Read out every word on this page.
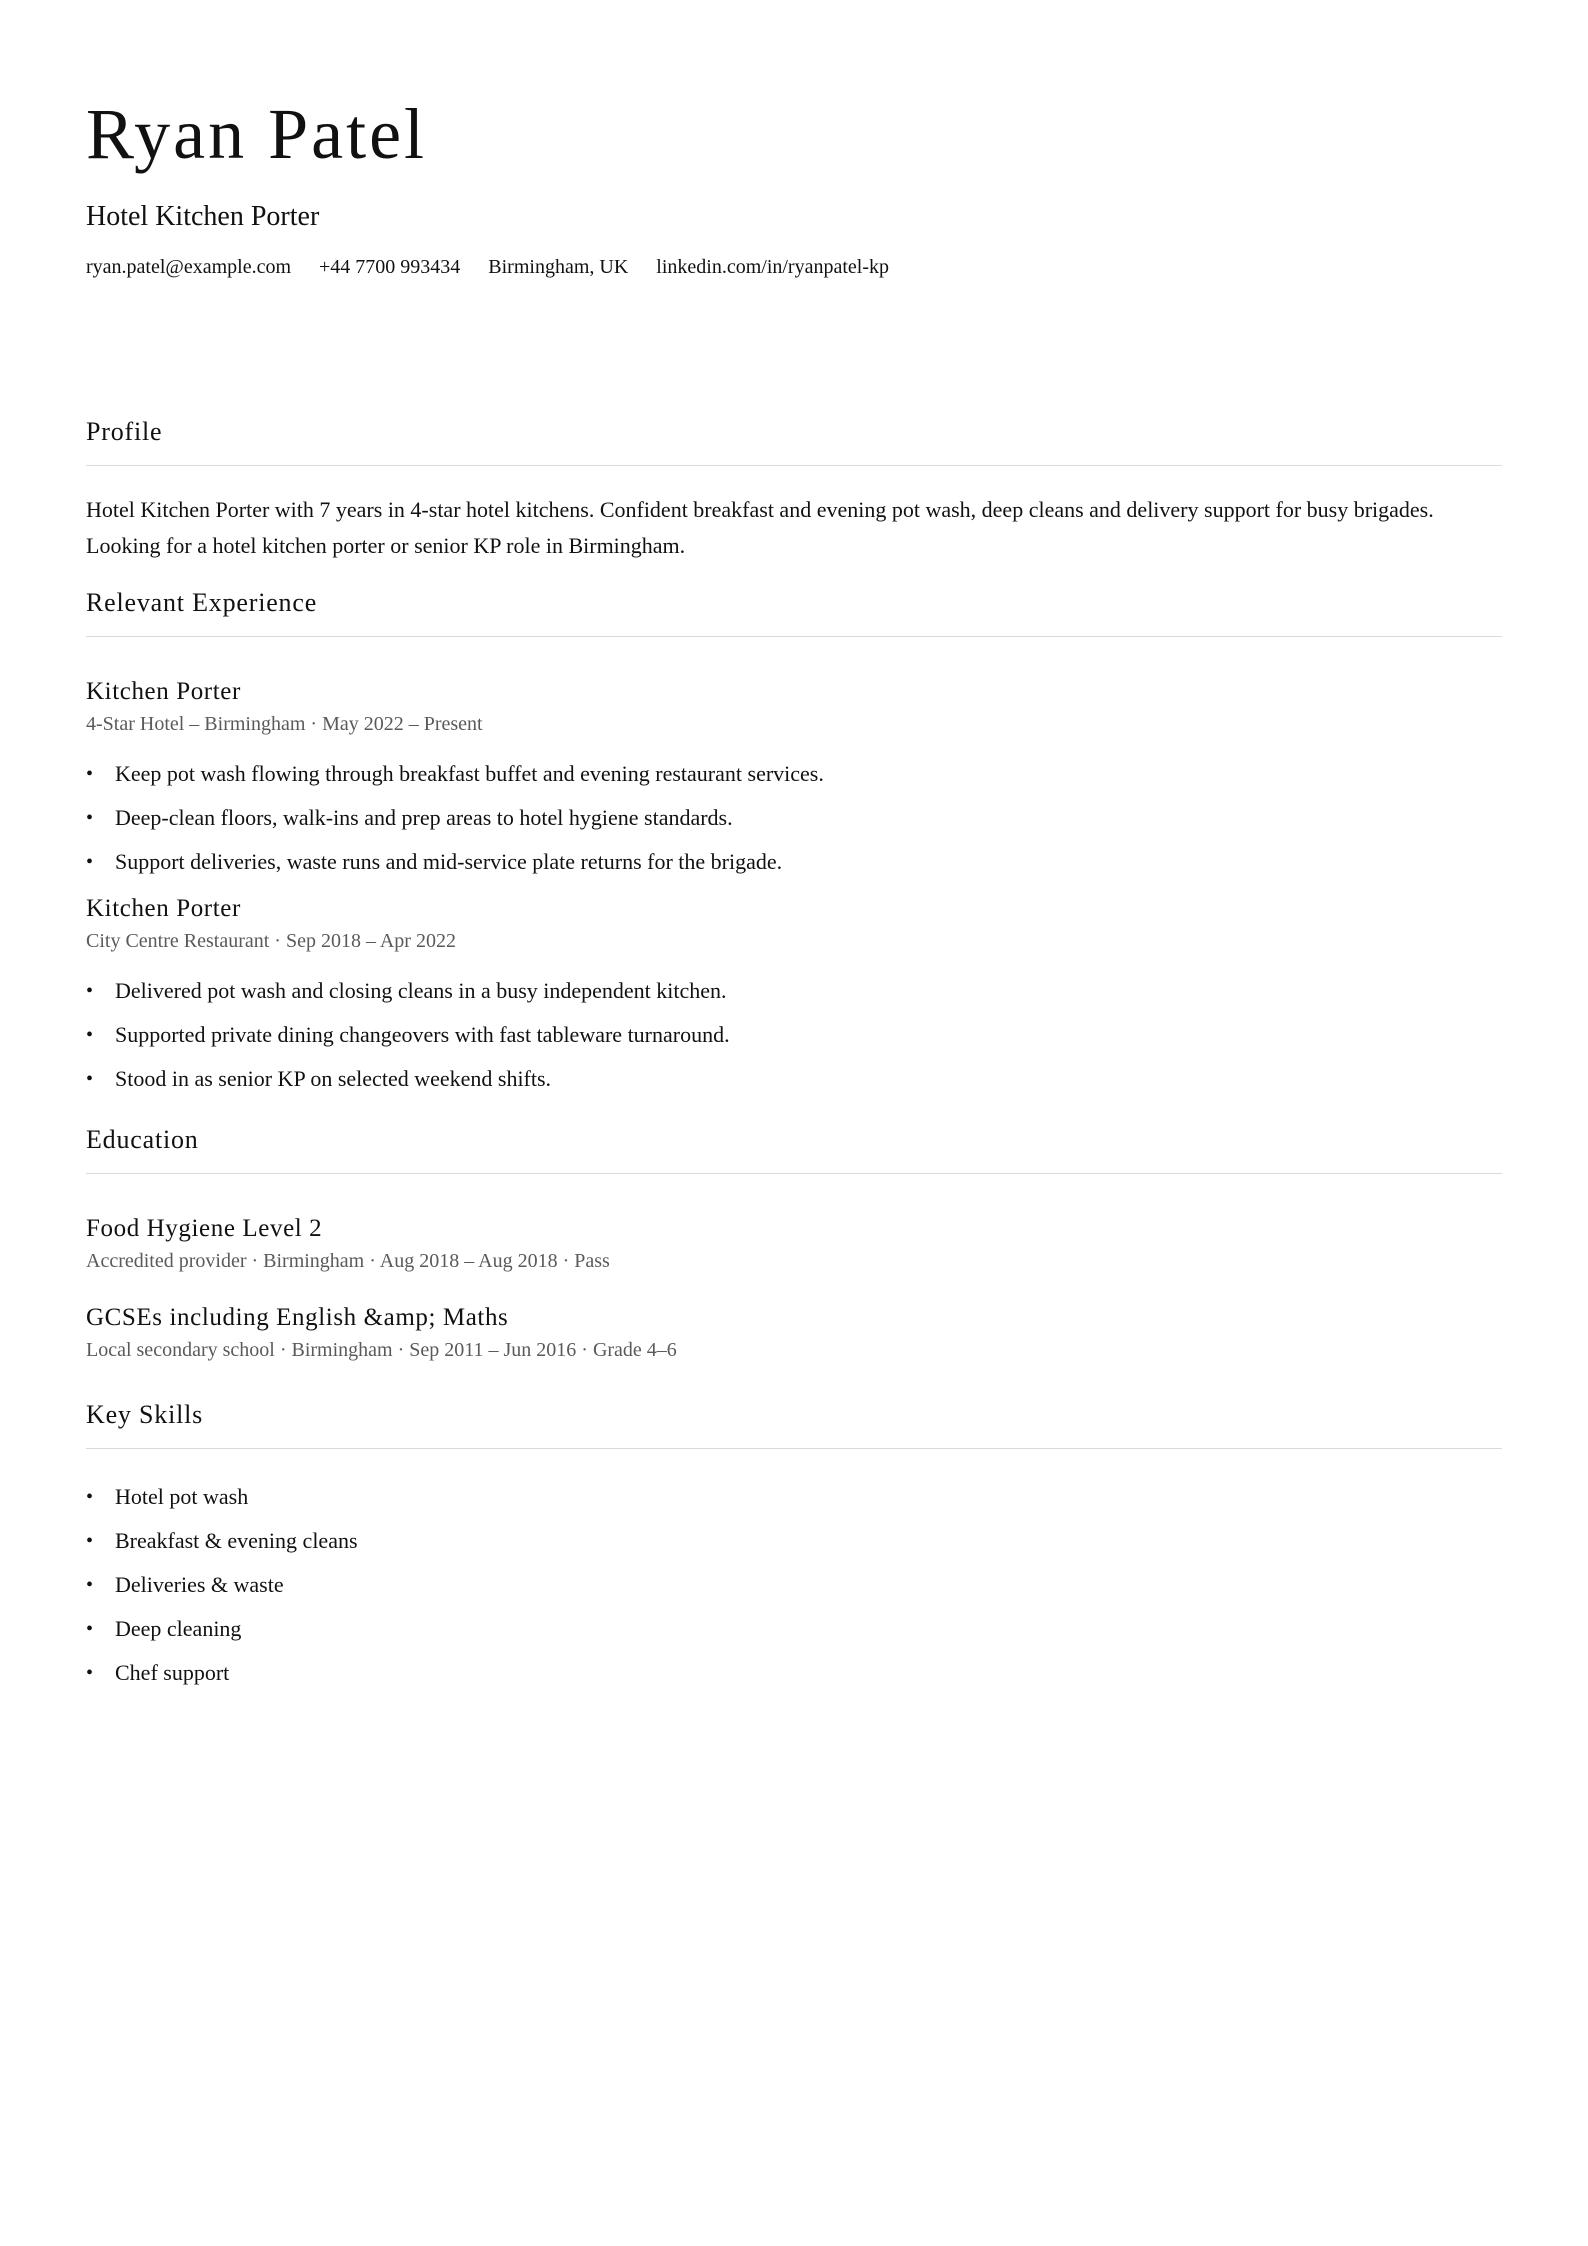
Ryan Patel
Hotel Kitchen Porter
ryan.patel@example.com +44 7700 993434 Birmingham, UK linkedin.com/in/ryanpatel-kp
Profile
Hotel Kitchen Porter with 7 years in 4-star hotel kitchens. Confident breakfast and evening pot wash, deep cleans and delivery support for busy brigades. Looking for a hotel kitchen porter or senior KP role in Birmingham.
Relevant Experience
Kitchen Porter
4-Star Hotel – Birmingham · May 2022 – Present
• Keep pot wash flowing through breakfast buffet and evening restaurant services.
• Deep-clean floors, walk-ins and prep areas to hotel hygiene standards.
• Support deliveries, waste runs and mid-service plate returns for the brigade.
Kitchen Porter
City Centre Restaurant · Sep 2018 – Apr 2022
• Delivered pot wash and closing cleans in a busy independent kitchen.
• Supported private dining changeovers with fast tableware turnaround.
• Stood in as senior KP on selected weekend shifts.
Education
Food Hygiene Level 2
Accredited provider · Birmingham · Aug 2018 – Aug 2018 · Pass
GCSEs including English &amp; Maths
Local secondary school · Birmingham · Sep 2011 – Jun 2016 · Grade 4–6
Key Skills
• Hotel pot wash
• Breakfast & evening cleans
• Deliveries & waste
• Deep cleaning
• Chef support
